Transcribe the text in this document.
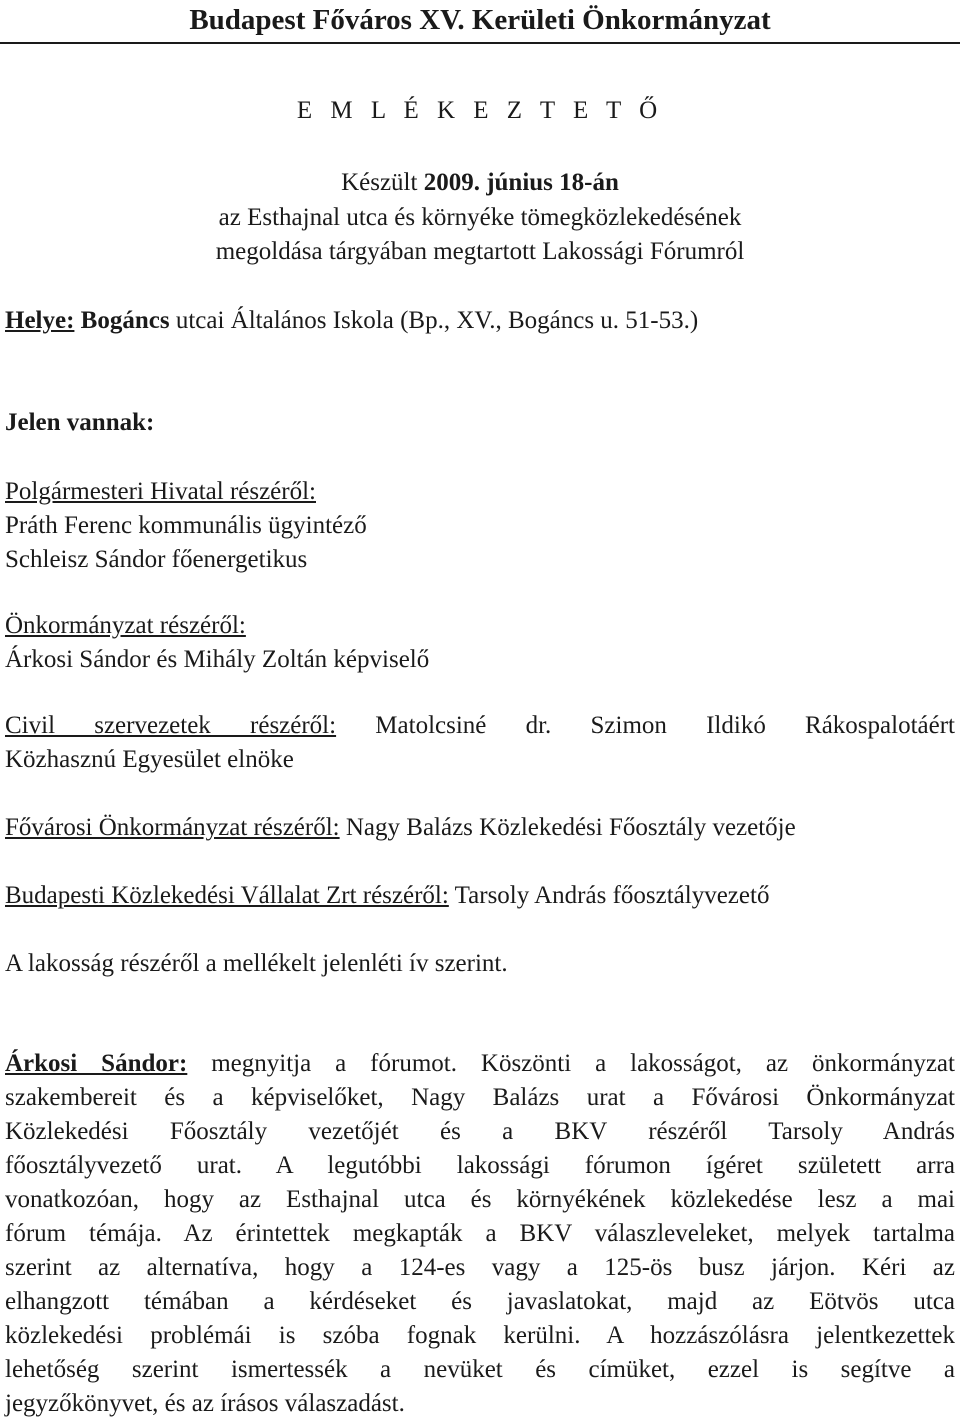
Budapest Főváros XV. Kerületi Önkormányzat
E M L É K E Z T E T Ő
Készült 2009. június 18-án
az Esthajnal utca és környéke tömegközlekedésének
megoldása tárgyában megtartott Lakossági Fórumról
Helye: Bogáncs utcai Általános Iskola (Bp., XV., Bogáncs u. 51-53.)
Jelen vannak:
Polgármesteri Hivatal részéről:
Práth Ferenc kommunális ügyintéző
Schleisz Sándor főenergetikus
Önkormányzat részéről:
Árkosi Sándor és Mihály Zoltán képviselő
Civil szervezetek részéről: Matolcsiné dr. Szimon Ildikó Rákospalotáért
Közhasznú Egyesület elnöke
Fővárosi Önkormányzat részéről: Nagy Balázs Közlekedési Főosztály vezetője
Budapesti Közlekedési Vállalat Zrt részéről: Tarsoly András főosztályvezető
A lakosság részéről a mellékelt jelenléti ív szerint.
Árkosi Sándor: megnyitja a fórumot. Köszönti a lakosságot, az önkormányzat
szakembereit és a képviselőket, Nagy Balázs urat a Fővárosi Önkormányzat
Közlekedési Főosztály vezetőjét és a BKV részéről Tarsoly András
főosztályvezető urat. A legutóbbi lakossági fórumon ígéret született arra
vonatkozóan, hogy az Esthajnal utca és környékének közlekedése lesz a mai
fórum témája. Az érintettek megkapták a BKV válaszleveleket, melyek tartalma
szerint az alternatíva, hogy a 124-es vagy a 125-ös busz járjon. Kéri az
elhangzott témában a kérdéseket és javaslatokat, majd az Eötvös utca
közlekedési problémái is szóba fognak kerülni. A hozzászólásra jelentkezettek
lehetőség szerint ismertessék a nevüket és címüket, ezzel is segítve a
jegyzőkönyvet, és az írásos válaszadást.
